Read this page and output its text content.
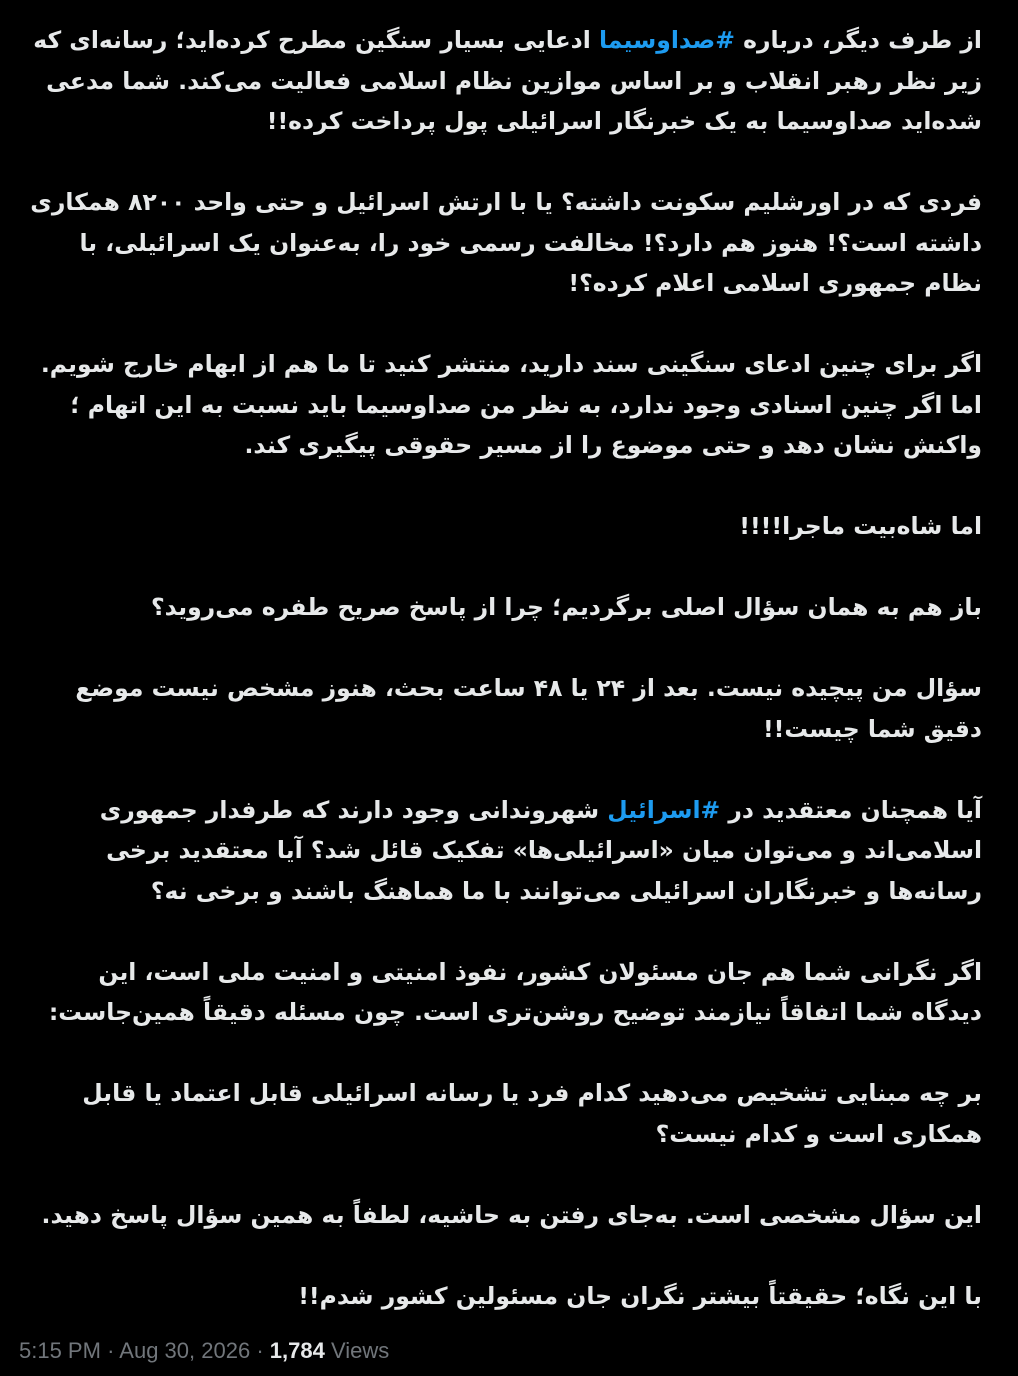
از طرف دیگر، درباره #صداوسیما ادعایی بسیار سنگین مطرح کرده‌اید؛ رسانه‌ای که زیر نظر رهبر انقلاب و بر اساس موازین نظام اسلامی فعالیت می‌کند. شما مدعی شده‌اید صداوسیما به یک خبرنگار اسرائیلی پول پرداخت کرده!!

فردی که در اورشلیم سکونت داشته؟ یا با ارتش اسرائیل و حتی واحد ۸۲۰۰ همکاری داشته است؟! هنوز هم دارد؟! مخالفت رسمی خود را، به‌عنوان یک اسرائیلی، با نظام جمهوری اسلامی اعلام کرده؟!

اگر برای چنین ادعای سنگینی سند دارید، منتشر کنید تا ما هم از ابهام خارج شویم. اما اگر چنین اسنادی وجود ندارد، به نظر من صداوسیما باید نسبت به این اتهام ؛ واکنش نشان دهد و حتی موضوع را از مسیر حقوقی پیگیری کند.

اما شاه‌بیت ماجرا!!!!

باز هم به همان سؤال اصلی برگردیم؛ چرا از پاسخ صریح طفره می‌روید؟

سؤال من پیچیده نیست. بعد از ۲۴ یا ۴۸ ساعت بحث، هنوز مشخص نیست موضع دقیق شما چیست!!

آیا همچنان معتقدید در #اسرائیل شهروندانی وجود دارند که طرفدار جمهوری اسلامی‌اند و می‌توان میان «اسرائیلی‌ها» تفکیک قائل شد؟ آیا معتقدید برخی رسانه‌ها و خبرنگاران اسرائیلی می‌توانند با ما هماهنگ باشند و برخی نه؟

اگر نگرانی شما هم جان مسئولان کشور، نفوذ امنیتی و امنیت ملی است، این دیدگاه شما اتفاقاً نیازمند توضیح روشن‌تری است. چون مسئله دقیقاً همین‌جاست:

بر چه مبنایی تشخیص می‌دهید کدام فرد یا رسانه اسرائیلی قابل اعتماد یا قابل همکاری است و کدام نیست؟

این سؤال مشخصی است. به‌جای رفتن به حاشیه، لطفاً به همین سؤال پاسخ دهید.

با این نگاه؛ حقیقتاً بیشتر نگران جان مسئولین کشور شدم!!

5:15 PM · Aug 30, 2026 · 1,784 Views
